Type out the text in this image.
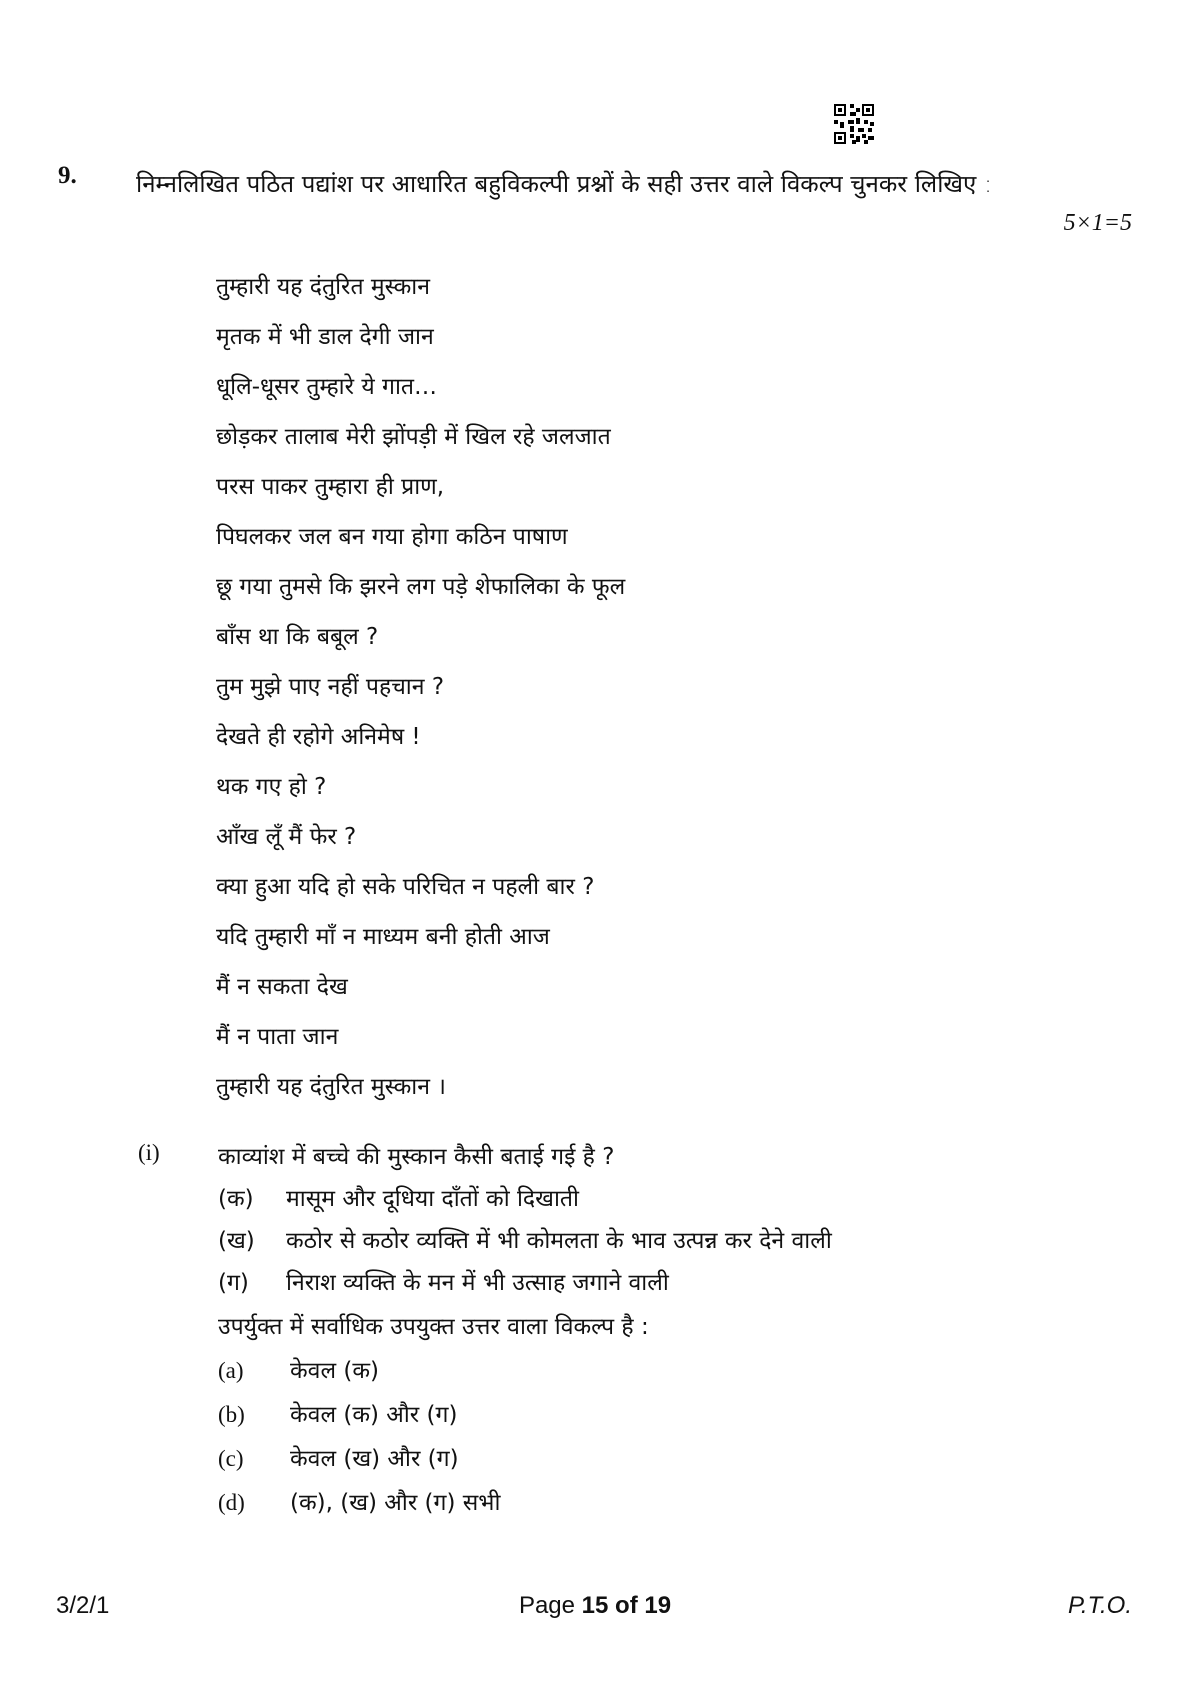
9. निम्नलिखित पठित पद्यांश पर आधारित बहुविकल्पी प्रश्नों के सही उत्तर वाले विकल्प चुनकर लिखिए :
5×1=5
तुम्हारी यह दंतुरित मुस्कान
मृतक में भी डाल देगी जान
धूलि-धूसर तुम्हारे ये गात…
छोड़कर तालाब मेरी झोंपड़ी में खिल रहे जलजात
परस पाकर तुम्हारा ही प्राण,
पिघलकर जल बन गया होगा कठिन पाषाण
छू गया तुमसे कि झरने लग पड़े शेफालिका के फूल
बाँस था कि बबूल ?
तुम मुझे पाए नहीं पहचान ?
देखते ही रहोगे अनिमेष !
थक गए हो ?
आँख लूँ मैं फेर ?
क्या हुआ यदि हो सके परिचित न पहली बार ?
यदि तुम्हारी माँ न माध्यम बनी होती आज
मैं न सकता देख
मैं न पाता जान
तुम्हारी यह दंतुरित मुस्कान ।
(i)	काव्यांश में बच्चे की मुस्कान कैसी बताई गई है ?
(क) मासूम और दूधिया दाँतों को दिखाती
(ख) कठोर से कठोर व्यक्ति में भी कोमलता के भाव उत्पन्न कर देने वाली
(ग) निराश व्यक्ति के मन में भी उत्साह जगाने वाली
उपर्युक्त में सर्वाधिक उपयुक्त उत्तर वाला विकल्प है :
(a) केवल (क)
(b) केवल (क) और (ग)
(c) केवल (ख) और (ग)
(d) (क), (ख) और (ग) सभी
3/2/1	Page 15 of 19	P.T.O.
